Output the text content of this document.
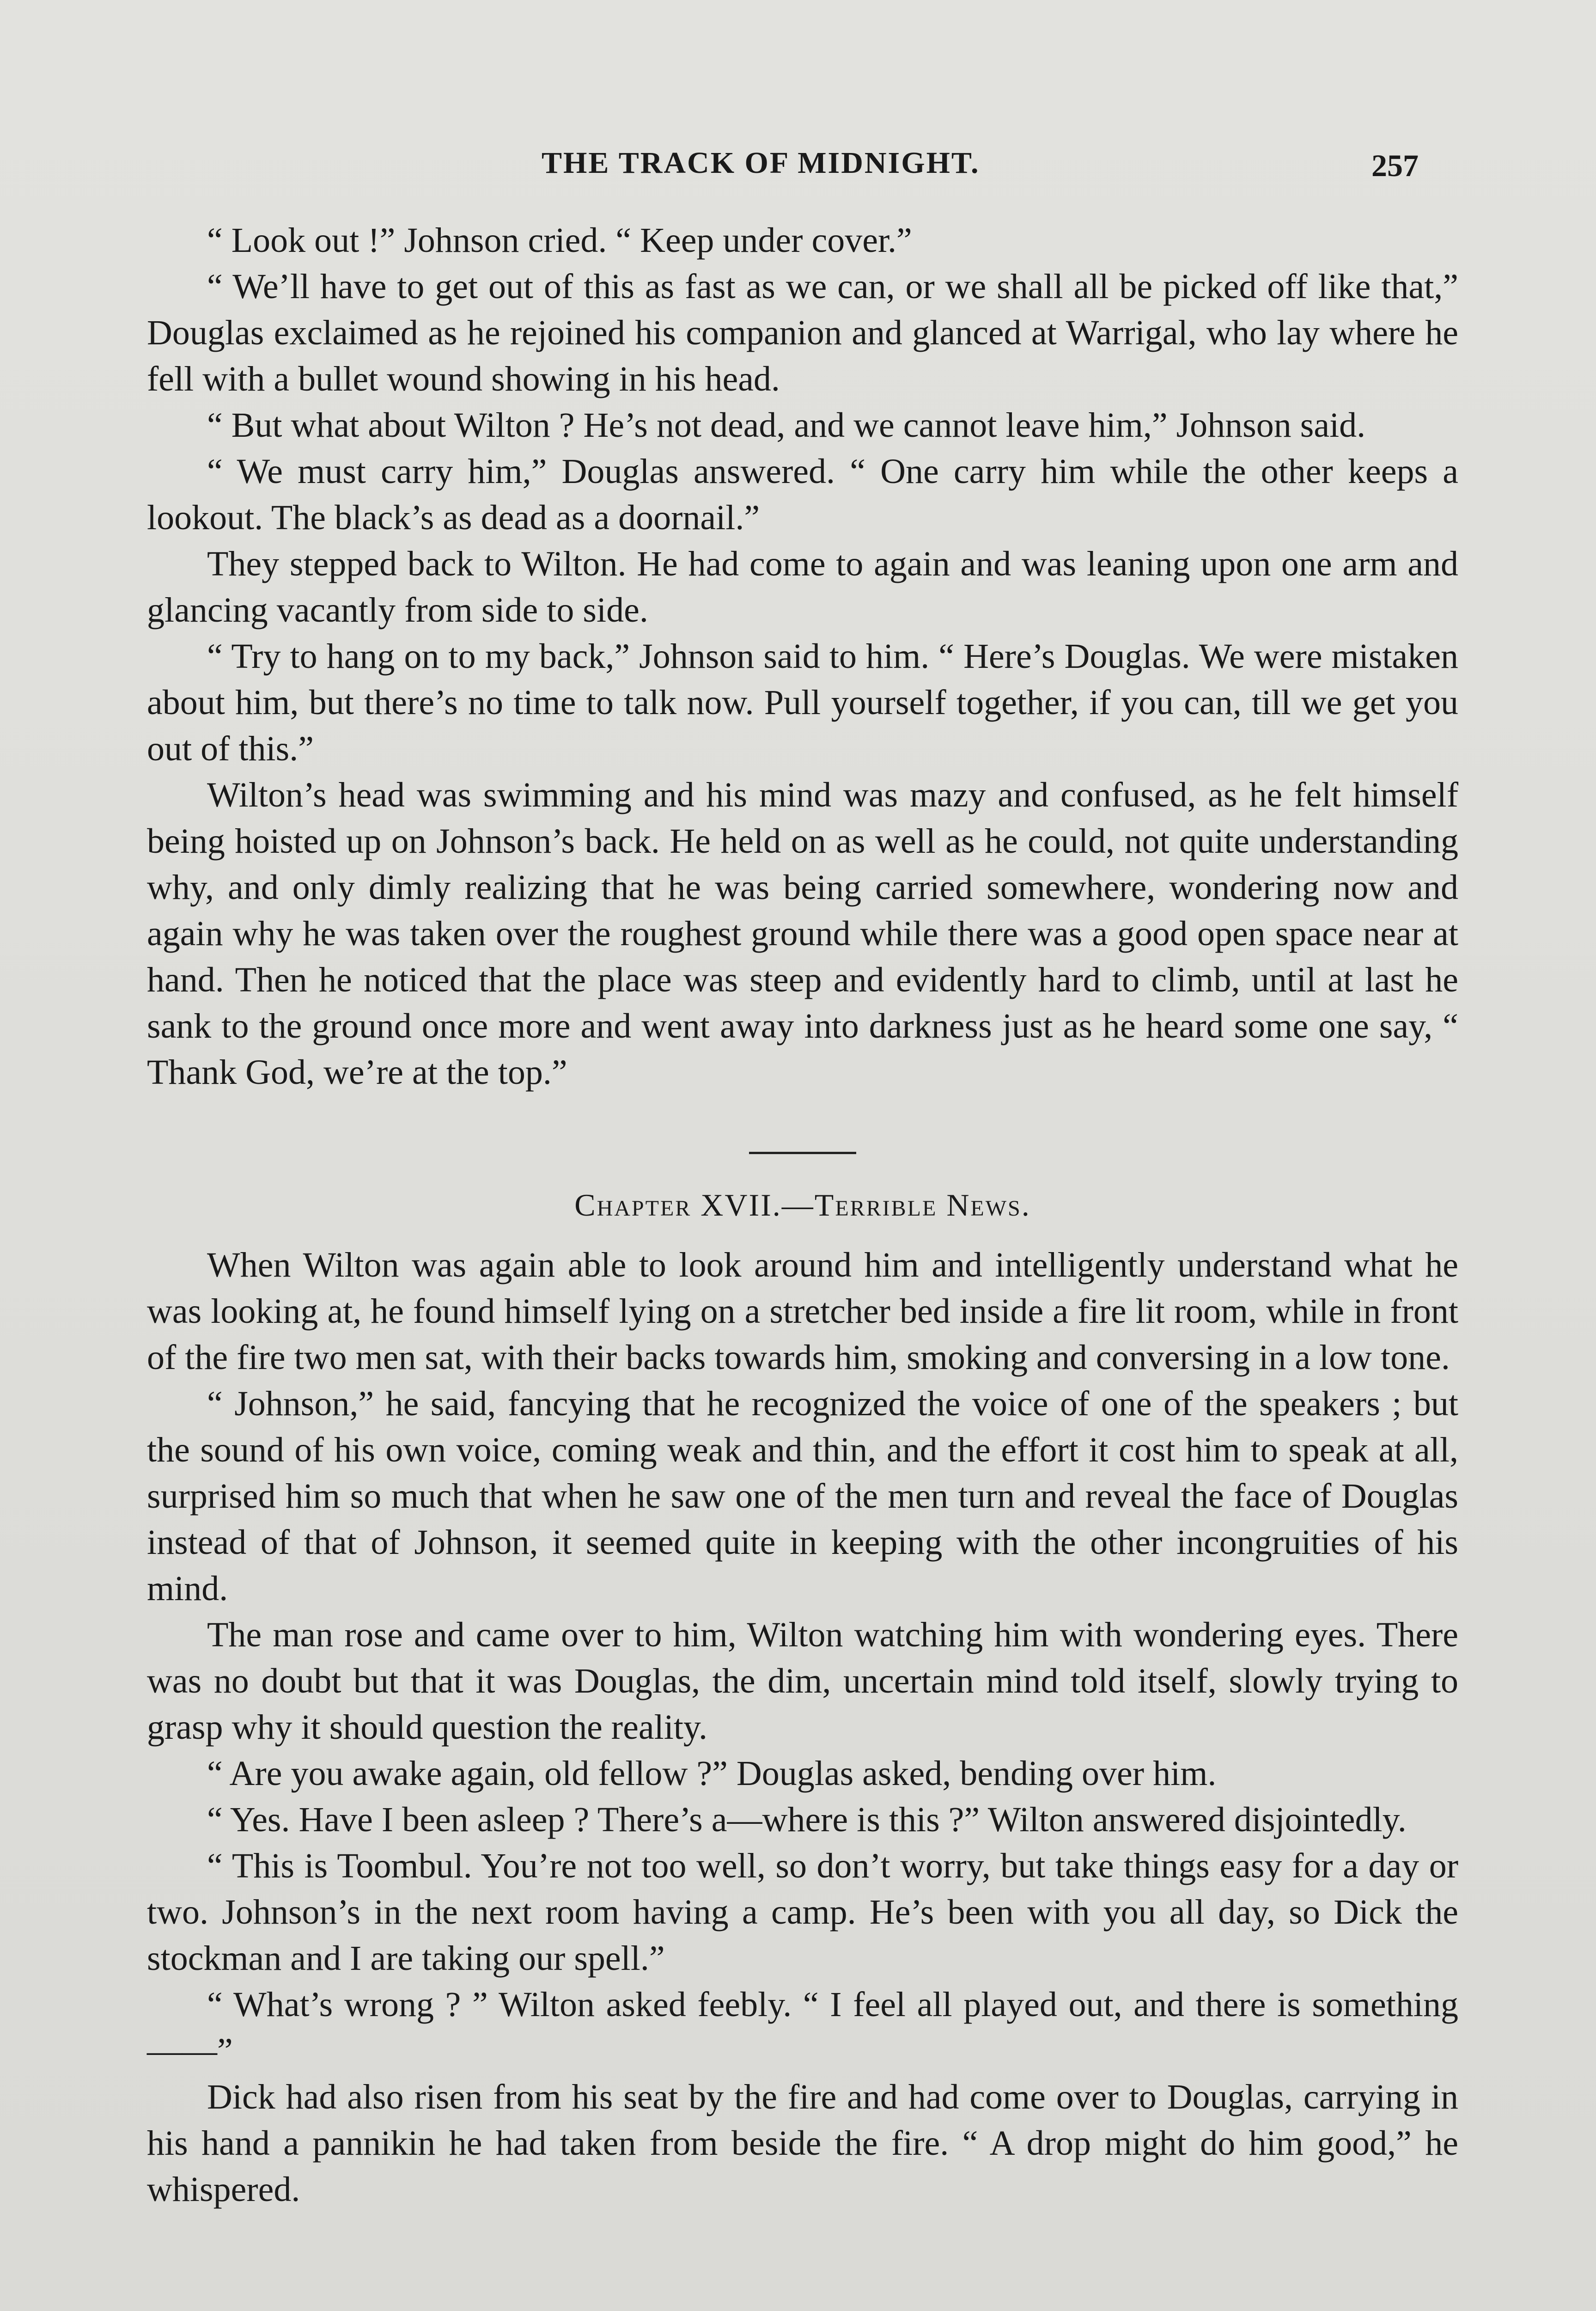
THE TRACK OF MIDNIGHT.	257

“ Look out !” Johnson cried. “ Keep under cover.”

“ We’ll have to get out of this as fast as we can, or we shall all be picked off like that,” Douglas exclaimed as he rejoined his companion and glanced at Warrigal, who lay where he fell with a bullet wound showing in his head.

“ But what about Wilton ? He’s not dead, and we cannot leave him,” Johnson said.

“ We must carry him,” Douglas answered. “ One carry him while the other keeps a lookout. The black’s as dead as a doornail.”

They stepped back to Wilton. He had come to again and was leaning upon one arm and glancing vacantly from side to side.

“ Try to hang on to my back,” Johnson said to him. “ Here’s Douglas. We were mistaken about him, but there’s no time to talk now. Pull yourself together, if you can, till we get you out of this.”

Wilton’s head was swimming and his mind was mazy and confused, as he felt himself being hoisted up on Johnson’s back. He held on as well as he could, not quite understanding why, and only dimly realizing that he was being carried somewhere, wondering now and again why he was taken over the roughest ground while there was a good open space near at hand. Then he noticed that the place was steep and evidently hard to climb, until at last he sank to the ground once more and went away into darkness just as he heard some one say, “ Thank God, we’re at the top.”

Chapter XVII.—Terrible News.

When Wilton was again able to look around him and intelligently understand what he was looking at, he found himself lying on a stretcher bed inside a fire lit room, while in front of the fire two men sat, with their backs towards him, smoking and conversing in a low tone.

“ Johnson,” he said, fancying that he recognized the voice of one of the speakers ; but the sound of his own voice, coming weak and thin, and the effort it cost him to speak at all, surprised him so much that when he saw one of the men turn and reveal the face of Douglas instead of that of Johnson, it seemed quite in keeping with the other incongruities of his mind.

The man rose and came over to him, Wilton watching him with wondering eyes. There was no doubt but that it was Douglas, the dim, uncertain mind told itself, slowly trying to grasp why it should question the reality.

“ Are you awake again, old fellow ?” Douglas asked, bending over him.

“ Yes. Have I been asleep ? There’s a—where is this ?” Wilton answered disjointedly.

“ This is Toombul. You’re not too well, so don’t worry, but take things easy for a day or two. Johnson’s in the next room having a camp. He’s been with you all day, so Dick the stockman and I are taking our spell.”

“ What’s wrong ? ” Wilton asked feebly. “ I feel all played out, and there is something——”

Dick had also risen from his seat by the fire and had come over to Douglas, carrying in his hand a pannikin he had taken from beside the fire. “ A drop might do him good,” he whispered.
